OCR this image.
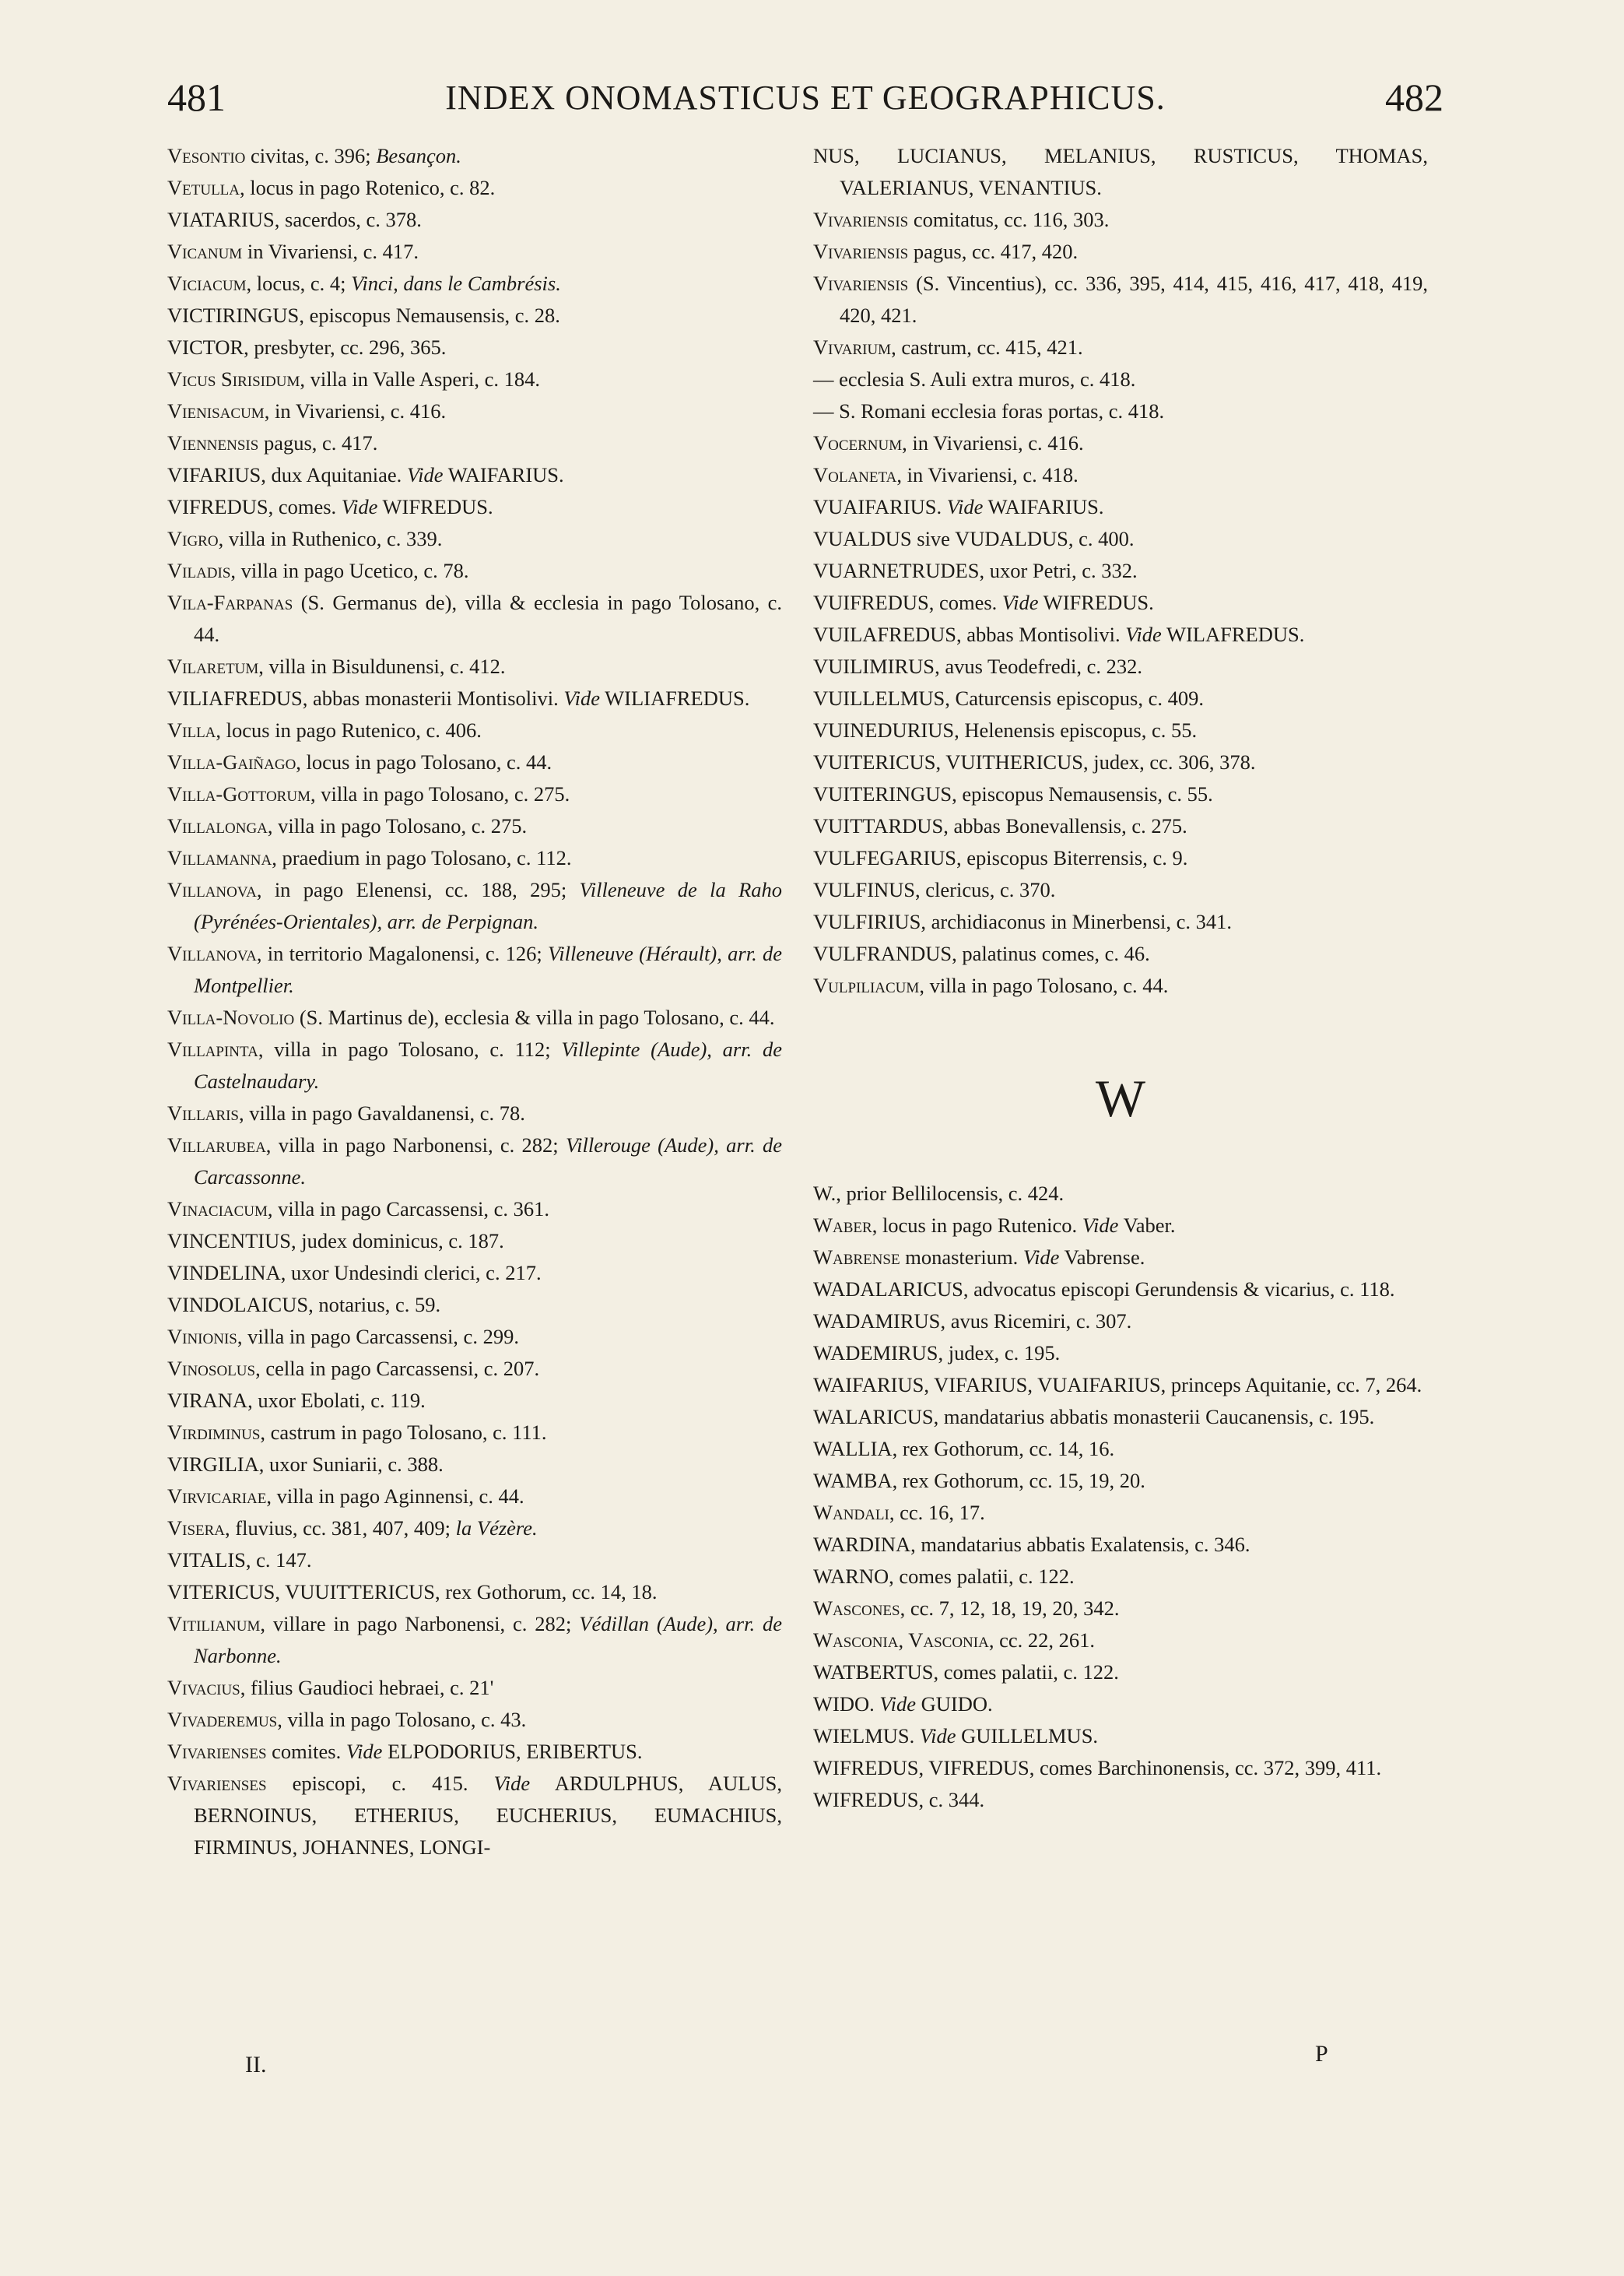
481	INDEX ONOMASTICUS ET GEOGRAPHICUS.	482
Vesontio civitas, c. 396; Besançon.
Vetulla, locus in pago Rotenico, c. 82.
VIATARIUS, sacerdos, c. 378.
Vicanum in Vivariensi, c. 417.
Viciacum, locus, c. 4; Vinci, dans le Cambrésis.
VICTIRINGUS, episcopus Nemausensis, c. 28.
VICTOR, presbyter, cc. 296, 365.
Vicus Sirisidum, villa in Valle Asperi, c. 184.
Vienisacum, in Vivariensi, c. 416.
Viennensis pagus, c. 417.
VIFARIUS, dux Aquitaniae. Vide WAIFARIUS.
VIFREDUS, comes. Vide WIFREDUS.
Vigro, villa in Ruthenico, c. 339.
Viladis, villa in pago Ucetico, c. 78.
Vila-Farpanas (S. Germanus de), villa & ecclesia in pago Tolosano, c. 44.
Vilaretum, villa in Bisuldunensi, c. 412.
VILIAFREDUS, abbas monasterii Montisolivi. Vide WILIAFREDUS.
Villa, locus in pago Rutenico, c. 406.
Villa-Gaiñago, locus in pago Tolosano, c. 44.
Villa-Gottorum, villa in pago Tolosano, c. 275.
Villalonga, villa in pago Tolosano, c. 275.
Villamanna, praedium in pago Tolosano, c. 112.
Villanova, in pago Elenensi, cc. 188, 295; Villeneuve de la Raho (Pyrénées-Orientales), arr. de Perpignan.
Villanova, in territorio Magalonensi, c. 126; Villeneuve (Hérault), arr. de Montpellier.
Villa-Novolio (S. Martinus de), ecclesia & villa in pago Tolosano, c. 44.
Villapinta, villa in pago Tolosano, c. 112; Villepinte (Aude), arr. de Castelnaudary.
Villaris, villa in pago Gavaldanensi, c. 78.
Villarubea, villa in pago Narbonensi, c. 282; Villerouge (Aude), arr. de Carcassonne.
Vinaciacum, villa in pago Carcassensi, c. 361.
VINCENTIUS, judex dominicus, c. 187.
VINDELINA, uxor Undesindi clerici, c. 217.
VINDOLAICUS, notarius, c. 59.
Vinionis, villa in pago Carcassensi, c. 299.
Vinosolus, cella in pago Carcassensi, c. 207.
VIRANA, uxor Ebolati, c. 119.
Virdiminus, castrum in pago Tolosano, c. 111.
VIRGILIA, uxor Suniarii, c. 388.
Virvicariae, villa in pago Aginnensi, c. 44.
Visera, fluvius, cc. 381, 407, 409; la Vézère.
VITALIS, c. 147.
VITERICUS, VUUITTERICUS, rex Gothorum, cc. 14, 18.
Vitilianum, villare in pago Narbonensi, c. 282; Védillan (Aude), arr. de Narbonne.
Vivacius, filius Gaudioci hebraei, c. 21'
Vivaderemus, villa in pago Tolosano, c. 43.
Vivarienses comites. Vide ELPODORIUS, ERIBERTUS.
Vivarienses episcopi, c. 415. Vide ARDULPHUS, AULUS, BERNOINUS, ETHERIUS, EUCHERIUS, EUMACHIUS, FIRMINUS, JOHANNES, LONGI-
NUS, LUCIANUS, MELANIUS, RUSTICUS, THOMAS, VALERIANUS, VENANTIUS.
Vivariensis comitatus, cc. 116, 303.
Vivariensis pagus, cc. 417, 420.
Vivariensis (S. Vincentius), cc. 336, 395, 414, 415, 416, 417, 418, 419, 420, 421.
Vivarium, castrum, cc. 415, 421.
— ecclesia S. Auli extra muros, c. 418.
— S. Romani ecclesia foras portas, c. 418.
Vocernum, in Vivariensi, c. 416.
Volaneta, in Vivariensi, c. 418.
VUAIFARIUS. Vide WAIFARIUS.
VUALDUS sive VUDALDUS, c. 400.
VUARNETRUDES, uxor Petri, c. 332.
VUIFREDUS, comes. Vide WIFREDUS.
VUILAFREDUS, abbas Montisolivi. Vide WILAFREDUS.
VUILIMIRUS, avus Teodefredi, c. 232.
VUILLELMUS, Caturcensis episcopus, c. 409.
VUINEDURIUS, Helenensis episcopus, c. 55.
VUITERICUS, VUITHERICUS, judex, cc. 306, 378.
VUITERINGUS, episcopus Nemausensis, c. 55.
VUITTARDUS, abbas Bonevallensis, c. 275.
VULFEGARIUS, episcopus Biterrensis, c. 9.
VULFINUS, clericus, c. 370.
VULFIRIUS, archidiaconus in Minerbensi, c. 341.
VULFRANDUS, palatinus comes, c. 46.
Vulpiliacum, villa in pago Tolosano, c. 44.
W
W., prior Bellilocensis, c. 424.
Waber, locus in pago Rutenico. Vide Vaber.
Wabrense monasterium. Vide Vabrense.
WADALARICUS, advocatus episcopi Gerundensis & vicarius, c. 118.
WADAMIRUS, avus Ricemiri, c. 307.
WADEMIRUS, judex, c. 195.
WAIFARIUS, VIFARIUS, VUAIFARIUS, princeps Aquitanie, cc. 7, 264.
WALARICUS, mandatarius abbatis monasterii Caucanensis, c. 195.
WALLIA, rex Gothorum, cc. 14, 16.
WAMBA, rex Gothorum, cc. 15, 19, 20.
Wandali, cc. 16, 17.
WARDINA, mandatarius abbatis Exalatensis, c. 346.
WARNO, comes palatii, c. 122.
Wascones, cc. 7, 12, 18, 19, 20, 342.
Wasconia, Vasconia, cc. 22, 261.
WATBERTUS, comes palatii, c. 122.
WIDO. Vide GUIDO.
WIELMUS. Vide GUILLELMUS.
WIFREDUS, VIFREDUS, comes Barchinonensis, cc. 372, 399, 411.
WIFREDUS, c. 344.
II.	P
